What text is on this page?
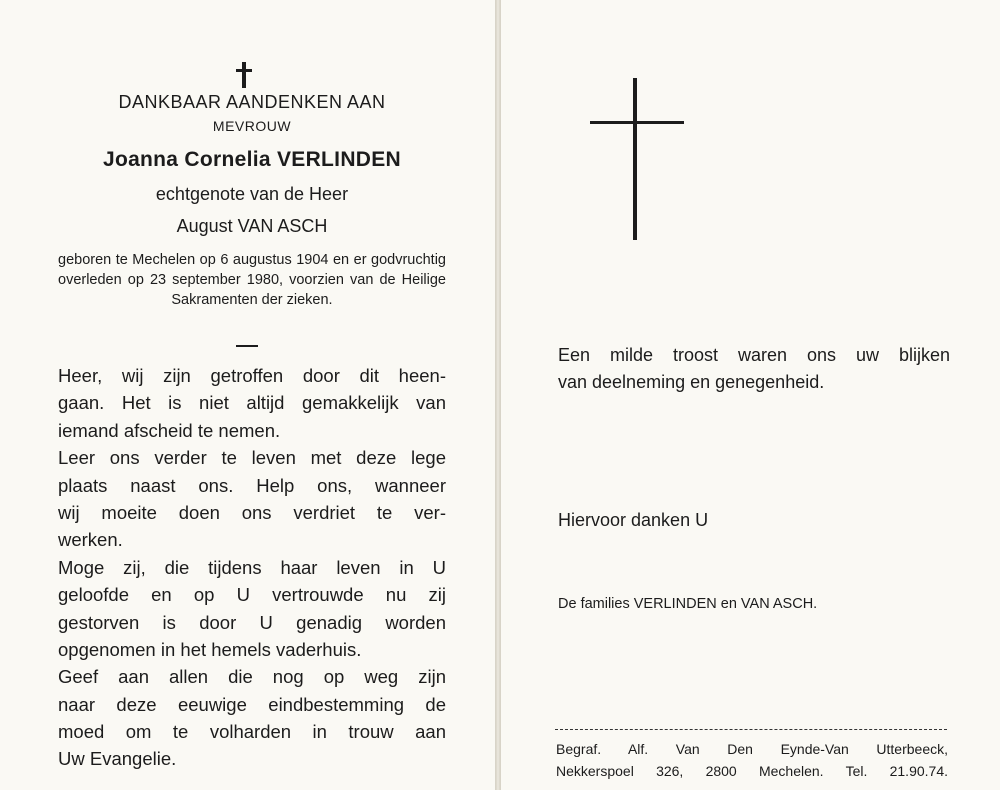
DANKBAAR AANDENKEN AAN

MEVROUW

Joanna Cornelia VERLINDEN

echtgenote van de Heer

August VAN ASCH

geboren te Mechelen op 6 augustus 1904 en er godvruchtig overleden op 23 september 1980, voorzien van de Heilige Sakramenten der zieken.

Heer, wij zijn getroffen door dit heen-
gaan. Het is niet altijd gemakkelijk van
iemand afscheid te nemen.
Leer ons verder te leven met deze lege
plaats naast ons. Help ons, wanneer
wij moeite doen ons verdriet te ver-
werken.
Moge zij, die tijdens haar leven in U
geloofde en op U vertrouwde nu zij
gestorven is door U genadig worden
opgenomen in het hemels vaderhuis.
Geef aan allen die nog op weg zijn
naar deze eeuwige eindbestemming de
moed om te volharden in trouw aan
Uw Evangelie.
Een milde troost waren ons uw blijken
van deelneming en genegenheid.

Hiervoor danken U

De families VERLINDEN en VAN ASCH.

Begraf. Alf. Van Den Eynde-Van Utterbeeck,
Nekkerspoel 326, 2800 Mechelen. Tel. 21.90.74.
